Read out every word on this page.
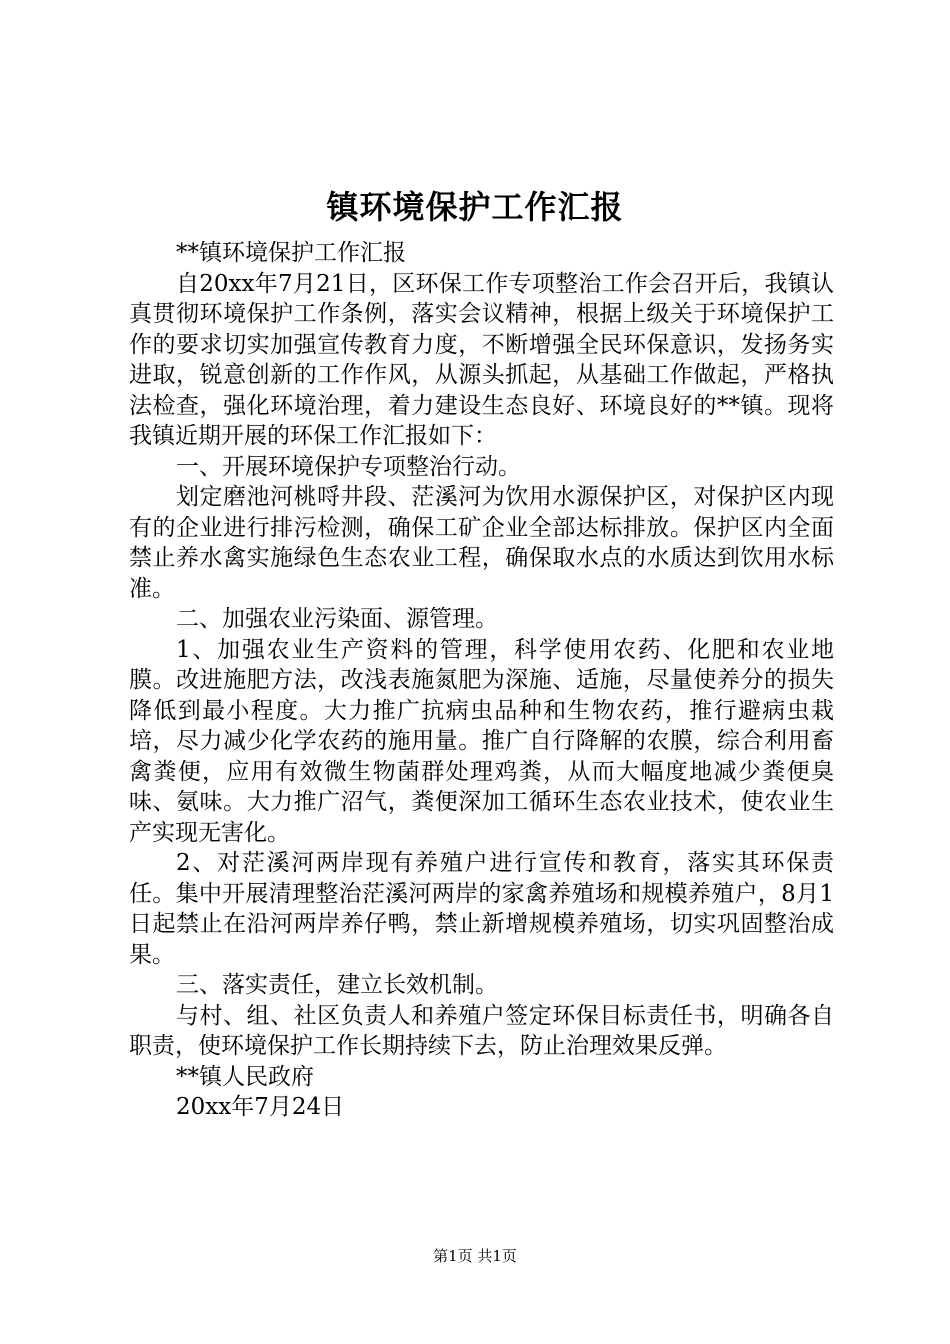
镇环境保护工作汇报

**镇环境保护工作汇报

自20xx年7月21日，区环保工作专项整治工作会召开后，我镇认真贯彻环境保护工作条例，落实会议精神，根据上级关于环境保护工作的要求切实加强宣传教育力度，不断增强全民环保意识，发扬务实进取，锐意创新的工作作风，从源头抓起，从基础工作做起，严格执法检查，强化环境治理，着力建设生态良好、环境良好的**镇。现将我镇近期开展的环保工作汇报如下：

一、开展环境保护专项整治行动。

划定磨池河桃哷井段、茫溪河为饮用水源保护区，对保护区内现有的企业进行排污检测，确保工矿企业全部达标排放。保护区内全面禁止养水禽实施绿色生态农业工程，确保取水点的水质达到饮用水标准。

二、加强农业污染面、源管理。

1、加强农业生产资料的管理，科学使用农药、化肥和农业地膜。改进施肥方法，改浅表施氮肥为深施、适施，尽量使养分的损失降低到最小程度。大力推广抗病虫品种和生物农药，推行避病虫栽培，尽力减少化学农药的施用量。推广自行降解的农膜，综合利用畜禽粪便，应用有效微生物菌群处理鸡粪，从而大幅度地减少粪便臭味、氨味。大力推广沼气，粪便深加工循环生态农业技术，使农业生产实现无害化。

2、对茫溪河两岸现有养殖户进行宣传和教育，落实其环保责任。集中开展清理整治茫溪河两岸的家禽养殖场和规模养殖户，8月1日起禁止在沿河两岸养仔鸭，禁止新增规模养殖场，切实巩固整治成果。

三、落实责任，建立长效机制。

与村、组、社区负责人和养殖户签定环保目标责任书，明确各自职责，使环境保护工作长期持续下去，防止治理效果反弹。

**镇人民政府

20xx年7月24日

第1页 共1页
